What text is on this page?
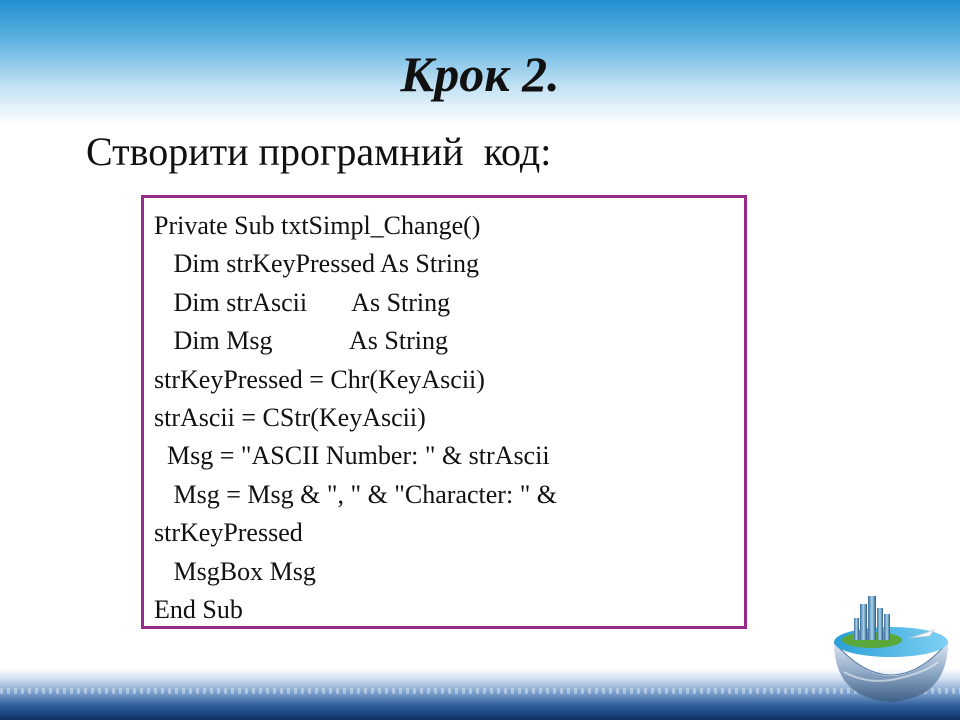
Крок 2.
Створити програмний  код:
Private Sub txtSimpl_Change()
Dim strKeyPressed As String
Dim strAscii       As String
Dim Msg            As String
strKeyPressed = Chr(KeyAscii)
strAscii = CStr(KeyAscii)
Msg = "ASCII Number: " & strAscii
Msg = Msg & ", " & "Character: " &
strKeyPressed
MsgBox Msg
End Sub
